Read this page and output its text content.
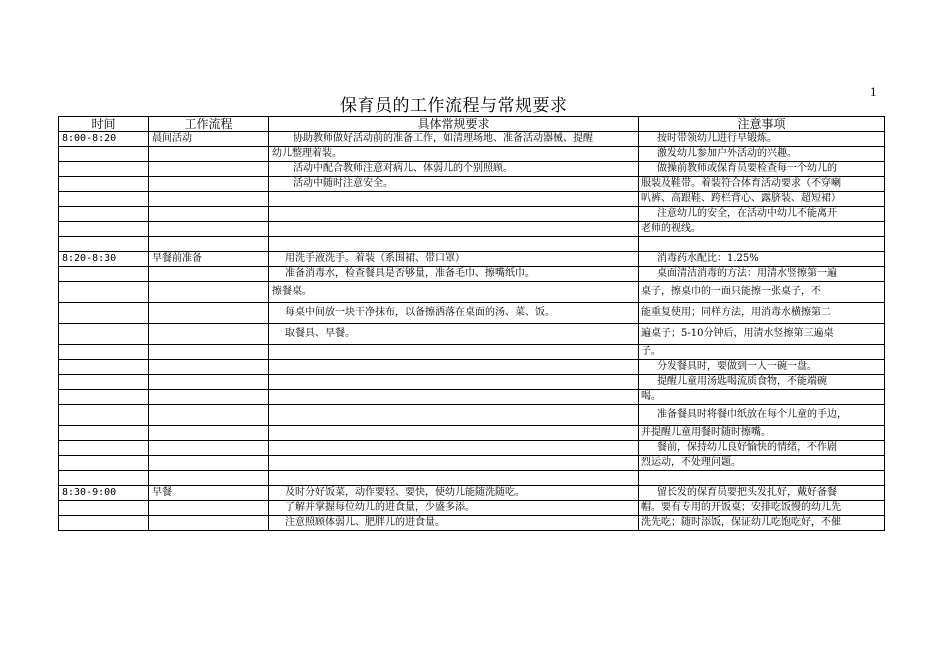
1
保育员的工作流程与常规要求
时间	工作流程	具体常规要求	注意事项
8:00-8:20	晨间活动	协助教师做好活动前的准备工作，如清理场地、准备活动器械、提醒	按时带领幼儿进行早锻炼。
		幼儿整理着装。	激发幼儿参加户外活动的兴趣。
		活动中配合教师注意对病儿、体弱儿的个别照顾。	做操前教师或保育员要检查每一个幼儿的
		活动中随时注意安全。	服装及鞋带。着装符合体育活动要求（不穿喇
			叭裤、高跟鞋、跨栏背心、露脐装、超短裙）
			注意幼儿的安全，在活动中幼儿不能离开
			老师的视线。

8:20-8:30	早餐前准备	用洗手液洗手。着装（系围裙、带口罩）	消毒药水配比：1.25%
		准备消毒水，检查餐具是否够量，准备毛巾、擦嘴纸巾。	桌面清洁消毒的方法：用清水竖擦第一遍
		擦餐桌。	桌子，擦桌巾的一面只能擦一张桌子，不
		每桌中间放一块干净抹布，以备擦洒落在桌面的汤、菜、饭。	能重复使用；同样方法，用消毒水横擦第二
		取餐具、早餐。	遍桌子；5-10分钟后，用清水竖擦第三遍桌
			子。
			分发餐具时，要做到一人一碗一盘。
			提醒儿童用汤匙喝流质食物，不能端碗
			喝。
			准备餐具时将餐巾纸放在每个儿童的手边，
			并提醒儿童用餐时随时擦嘴。
			餐前，保持幼儿良好愉快的情绪，不作剧
			烈运动，不处理问题。

8:30-9:00	早餐	及时分好饭菜，动作要轻、要快，使幼儿能随洗随吃。	留长发的保育员要把头发扎好，戴好备餐
		了解并掌握每位幼儿的进食量，少盛多添。	帽。要有专用的开饭桌；安排吃饭慢的幼儿先
		注意照顾体弱儿、肥胖儿的进食量。	洗先吃；随时添饭，保证幼儿吃饱吃好，不催
